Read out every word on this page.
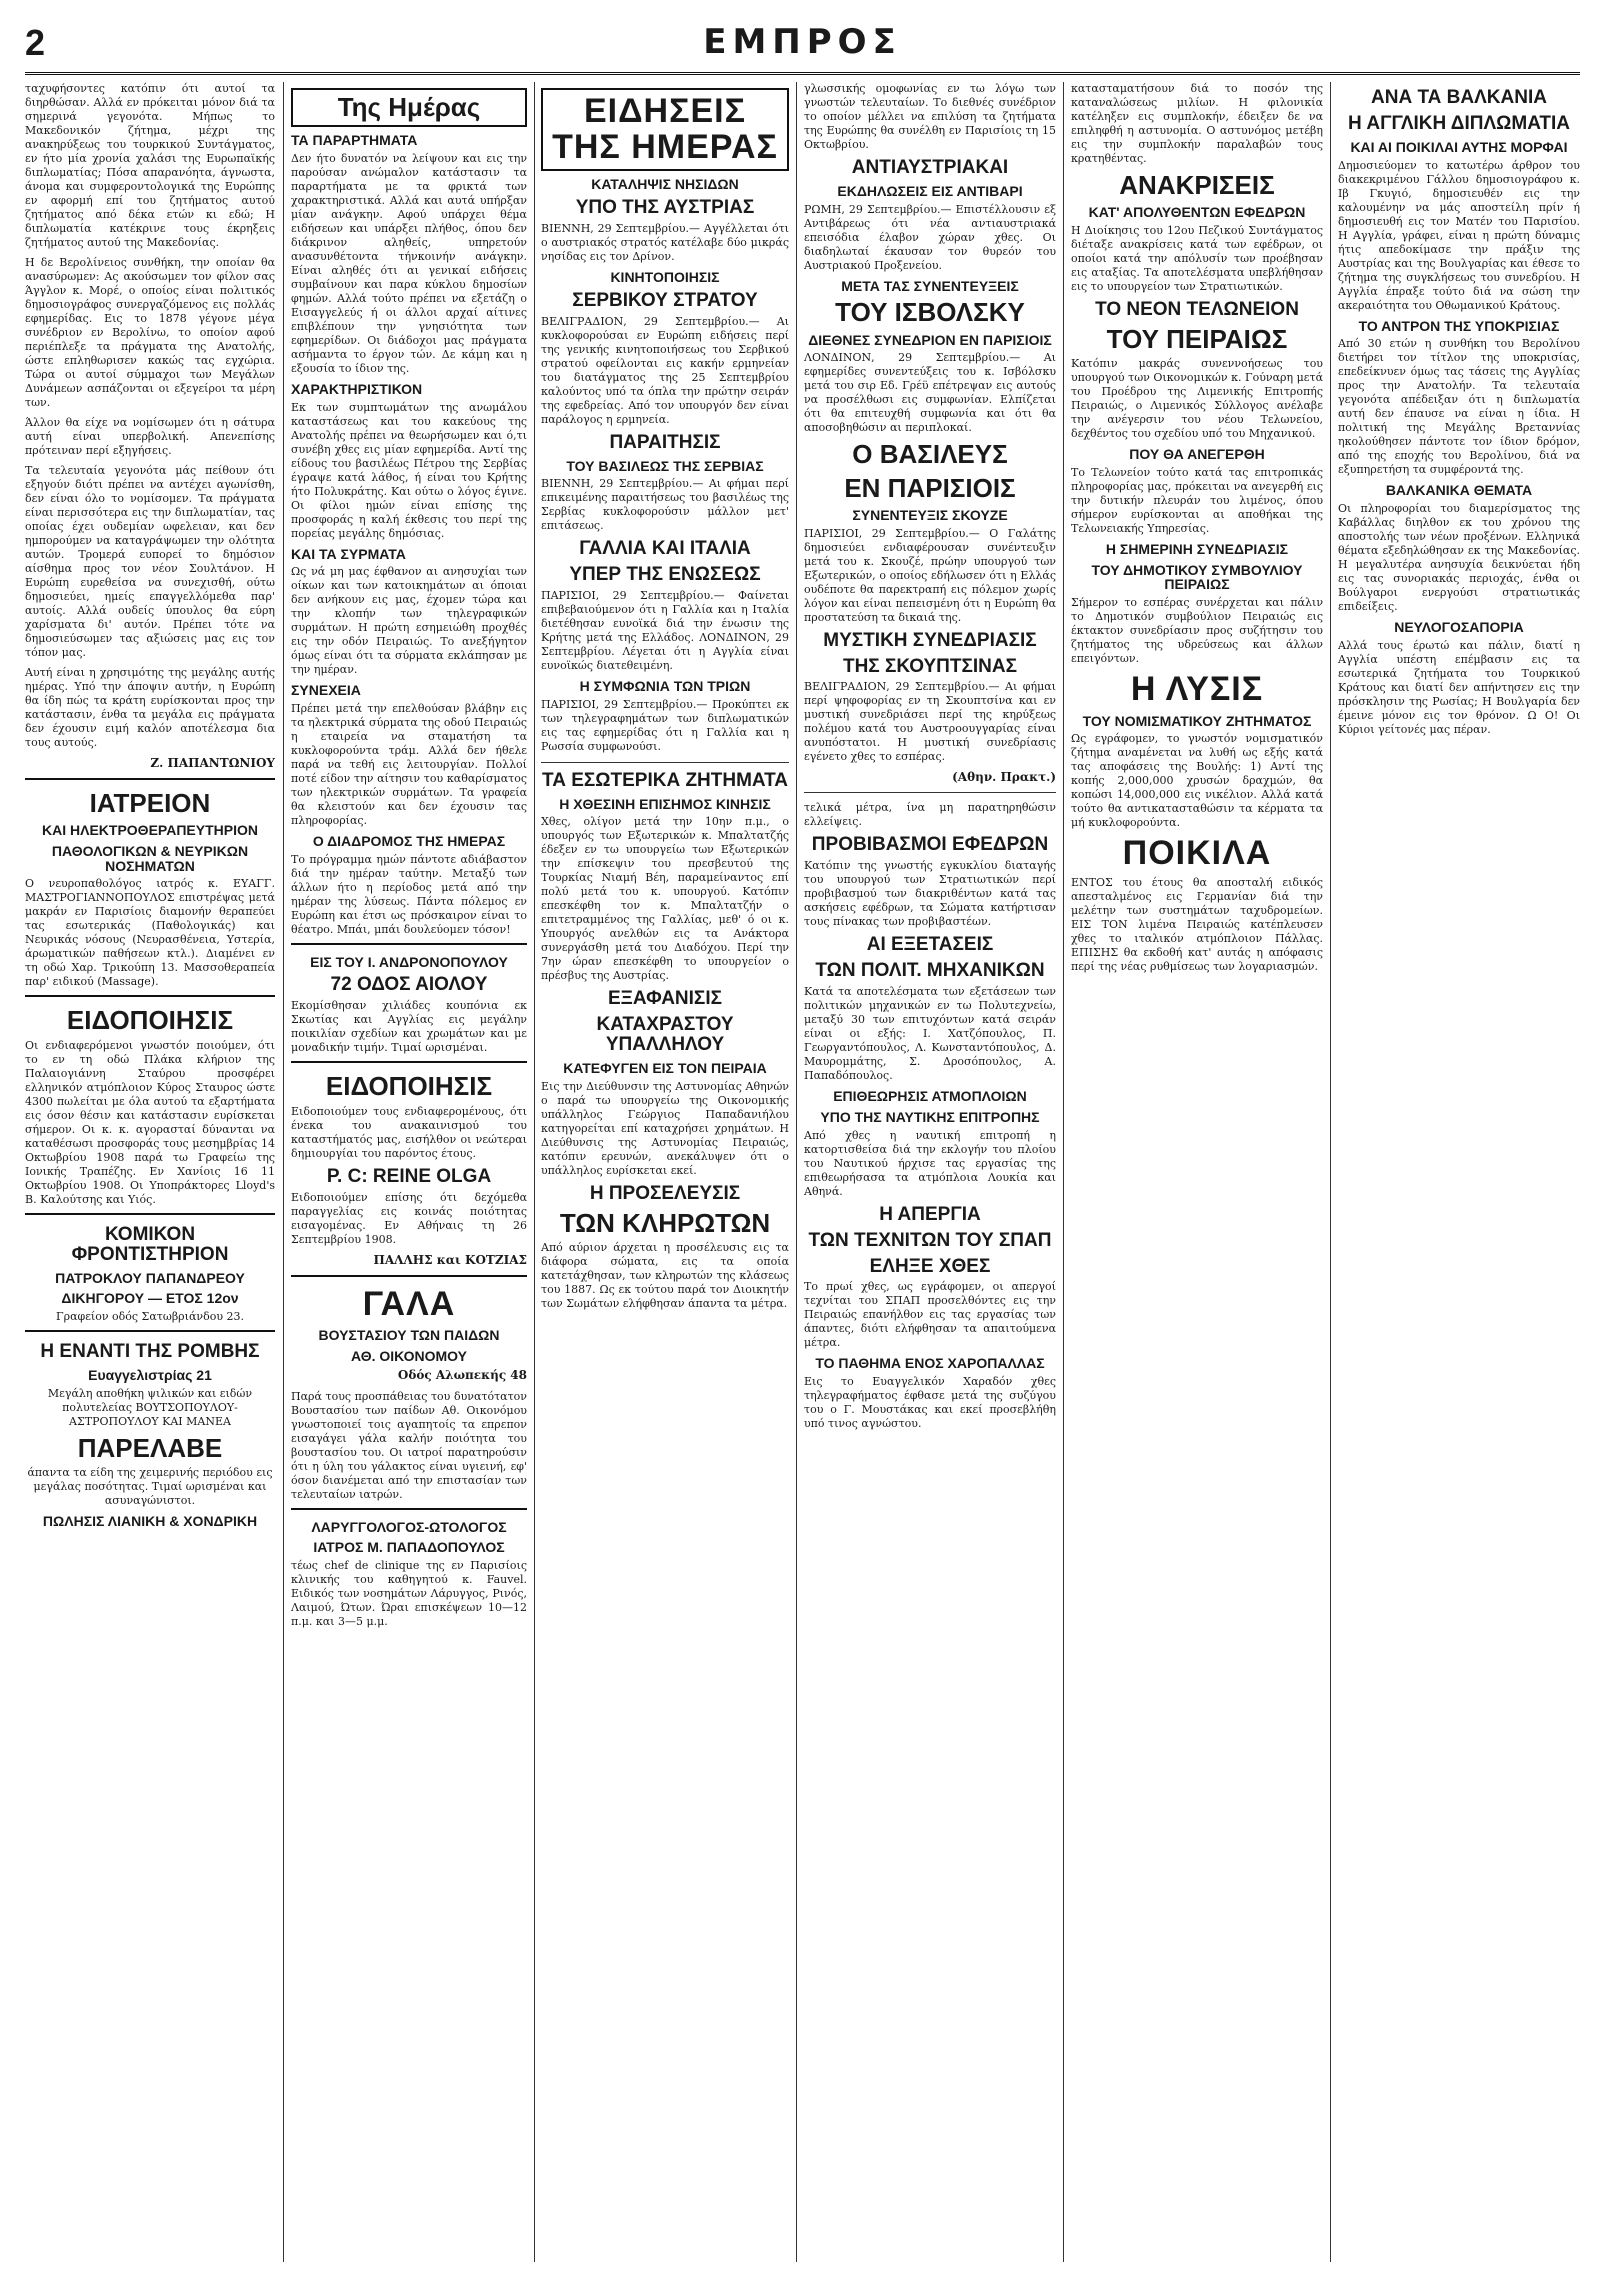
2	ΕΜΠΡΟΣ

ταχυφήσοντες κατόπιν ότι αυτοί τα διηρθώσαν. Αλλά εν πρόκειται μόνον διά τα σημερινά γεγονότα. Μήπως το Μακεδονικόν ζήτημα, μέχρι της ανακηρύξεως του τουρκικού Συντάγματος, εν ήτο μία χρονία χαλάσι της Ευρωπαϊκής διπλωματίας; Πόσα απαρανόητα, άγνωστα, άνομα και συμφεροντολογικά της Ευρώπης εν αφορμή επί του ζητήματος αυτού ζητήματος από δέκα ετών κι εδώ; Η διπλωματία κατέκρινε τους έκρηξεις ζητήματος αυτού της Μακεδονίας.

Η δε Βερολίνειος συνθήκη, την οποίαν θα ανασύρωμεν: Ας ακούσωμεν τον φίλον σας Άγγλον κ. Μορέ, ο οποίος είναι πολιτικός δημοσιογράφος συνεργαζόμενος εις πολλάς εφημερίδας. Εις το 1878 γέγονε μέγα συνέδριον εν Βερολίνω, το οποίον αφού περιέπλεξε τα πράγματα της Ανατολής, ώστε επληθωρισεν κακώς τας εγχώρια. Τώρα οι αυτοί σύμμαχοι των Μεγάλων Δυνάμεων ασπάζονται οι εξεγείροι τα μέρη των.

Άλλον θα είχε να νομίσωμεν ότι η σάτυρα αυτή είναι υπερβολική. Απενεπίσης πρότειναν περί εξηγήσεις.

Τα τελευταία γεγονότα μάς πείθουν ότι εξηγούν διότι πρέπει να αντέχει αγωνίσθη, δεν είναι όλο το νομίσομεν. Τα πράγματα είναι περισσότερα εις την διπλωματίαν, τας οποίας έχει ουδεμίαν ωφελειαν, και δεν ημπορούμεν να καταγράψωμεν την ολότητα αυτών. Τρομερά ευπορεί το δημόσιον αίσθημα προς τον νέον Σουλτάνον. Η Ευρώπη ευρεθείσα να συνεχισθή, ούτω δημοσιεύει, ημείς επαγγελλόμεθα παρ' αυτοίς. Αλλά ουδείς ύπουλος θα εύρη χαρίσματα δι' αυτόν. Πρέπει τότε να δημοσιεύσωμεν τας αξιώσεις μας εις τον τόπον μας.

Αυτή είναι η χρησιμότης της μεγάλης αυτής ημέρας. Υπό την άποψιν αυτήν, η Ευρώπη θα ίδη πώς τα κράτη ευρίσκονται προς την κατάστασιν, ένθα τα μεγάλα εις πράγματα δεν έχουσιν ειμή καλόν αποτέλεσμα δια τους αυτούς.

Ζ. ΠΑΠΑΝΤΩΝΙΟΥ
ΙΑΤΡΕΙΟΝ
ΚΑΙ ΗΛΕΚΤΡΟΘΕΡΑΠΕΥΤΗΡΙΟΝ
ΠΑΘΟΛΟΓΙΚΩΝ & ΝΕΥΡΙΚΩΝ ΝΟΣΗΜΑΤΩΝ

Ο νευροπαθολόγος ιατρός κ. ΕΥΑΓΓ. ΜΑΣΤΡΟΓΙΑΝΝΟΠΟΥΛΟΣ επιστρέψας μετά μακράν εν Παρισίοις διαμονήν θεραπεύει τας εσωτερικάς (Παθολογικάς) και Νευρικάς νόσους (Νευρασθένεια, Υστερία, άρωματικών παθήσεων κτλ.). Διαμένει εν τη οδώ Χαρ. Τρικούπη 13. Μασσοθεραπεία παρ' ειδικού (Massage).

ΕΙΔΟΠΟΙΗΣΙΣ

Οι ενδιαφερόμενοι γνωστόν ποιούμεν, ότι το εν τη οδώ Πλάκα κλήριον της Παλαιογιάννη Σταύρου προσφέρει ελληνικόν ατμόπλοιον Κύρος Σταυρος ώστε 4300 πωλείται με όλα αυτού τα εξαρτήματα εις όσον θέσιν και κατάστασιν ευρίσκεται σήμερον. Οι κ. κ. αγορασταί δύνανται να καταθέσωσι προσφοράς τους μεσημβρίας 14 Οκτωβρίου 1908 παρά τω Γραφείω της Ιονικής Τραπέζης. Εν Χανίοις 16 11 Οκτωβρίου 1908. Οι Υποπράκτορες Lloyd's Β. Καλούτσης και Υιός.

ΚΟΜΙΚΟΝ ΦΡΟΝΤΙΣΤΗΡΙΟΝ
ΠΑΤΡΟΚΛΟΥ ΠΑΠΑΝΔΡΕΟΥ
ΔΙΚΗΓΟΡΟΥ — ΕΤΟΣ 12ον

Γραφείον οδός Σατωβριάνδου 23.

Η ΕΝΑΝΤΙ ΤΗΣ ΡΟΜΒΗΣ
Ευαγγελιστρίας 21

Μεγάλη αποθήκη ψιλικών και ειδών πολυτελείας ΒΟΥΤΣΟΠΟΥΛΟΥ-ΑΣΤΡΟΠΟΥΛΟΥ ΚΑΙ ΜΑΝΕΑ

ΠΑΡΕΛΑΒΕ

άπαντα τα είδη της χειμερινής περιόδου εις μεγάλας ποσότητας. Τιμαί ωρισμέναι και ασυναγώνιστοι.

ΠΩΛΗΣΙΣ ΛΙΑΝΙΚΗ & ΧΟΝΔΡΙΚΗ
Της Ημέρας
ΤΑ ΠΑΡΑΡΤΗΜΑΤΑ

Δεν ήτο δυνατόν να λείψουν και εις την παρούσαν ανώμαλον κατάστασιν τα παραρτήματα με τα φρικτά των χαρακτηριστικά. Αλλά και αυτά υπήρξαν μίαν ανάγκην. Αφού υπάρχει θέμα ειδήσεων και υπάρξει πλήθος, όπου δεν διάκρινον αληθείς, υπηρετούν ανασυνθέτοντα τήνκοινήν ανάγκην. Είναι αληθές ότι αι γενικαί ειδήσεις συμβαίνουν και παρα κύκλου δημοσίων φημών. Αλλά τούτο πρέπει να εξετάζη ο Εισαγγελεύς ή οι άλλοι αρχαί αίτινες επιβλέπουν την γνησιότητα των εφημερίδων. Οι διάδοχοι μας πράγματα ασήμαντα το έργον τών. Δε κάμη και η εξουσία το ίδιον της.

ΧΑΡΑΚΤΗΡΙΣΤΙΚΟΝ

Εκ των συμπτωμάτων της ανωμάλου καταστάσεως και του κακεύους της Ανατολής πρέπει να θεωρήσωμεν και ό,τι συνέβη χθες εις μίαν εφημερίδα. Αντί της είδους του βασιλέως Πέτρου της Σερβίας έγραψε κατά λάθος, ή είναι του Κρήτης ήτο Πολυκράτης. Και ούτω ο λόγος έγινε. Οι φίλοι ημών είναι επίσης της προσφοράς η καλή έκθεσις του περί της πορείας μεγάλης δημόσιας.

ΚΑΙ ΤΑ ΣΥΡΜΑΤΑ

Ως νά μη μας έφθανον αι ανησυχίαι των οίκων και των κατοικημάτων αι όποιαι δεν ανήκουν εις μας, έχομεν τώρα και την κλοπήν των τηλεγραφικών συρμάτων. Η πρώτη εσημειώθη προχθές εις την οδόν Πειραιώς. Το ανεξήγητον όμως είναι ότι τα σύρματα εκλάπησαν με την ημέραν.

ΣΥΝΕΧΕΙΑ

Πρέπει μετά την επελθούσαν βλάβην εις τα ηλεκτρικά σύρματα της οδού Πειραιώς η εταιρεία να σταματήση τα κυκλοφορούντα τράμ. Αλλά δεν ήθελε παρά να τεθή εις λειτουργίαν. Πολλοί ποτέ είδον την αίτησιν του καθαρίσματος των ηλεκτρικών συρμάτων. Τα γραφεία θα κλειστούν και δεν έχουσιν τας πληροφορίας.

Ο ΔΙΑΔΡΟΜΟΣ ΤΗΣ ΗΜΕΡΑΣ

Το πρόγραμμα ημών πάντοτε αδιάβαστον διά την ημέραν ταύτην. Μεταξύ των άλλων ήτο η περίοδος μετά από την ημέραν της λύσεως. Πάντα πόλεμος εν Ευρώπη και έτσι ως πρόσκαιρον είναι το θέατρο. Μπάι, μπάι δουλεύομεν τόσον!

ΕΙΣ ΤΟΥ Ι. ΑΝΔΡΟΝΟΠΟΥΛΟΥ
72 ΟΔΟΣ ΑΙΟΛΟΥ

Εκομίσθησαν χιλιάδες κουπόνια εκ Σκωτίας και Αγγλίας εις μεγάλην ποικιλίαν σχεδίων και χρωμάτων και με μοναδικήν τιμήν. Τιμαί ωρισμέναι.

ΕΙΔΟΠΟΙΗΣΙΣ

Ειδοποιούμεν τους ενδιαφερομένους, ότι ένεκα του ανακαινισμού του καταστήματός μας, εισήλθον οι νεώτεραι δημιουργίαι του παρόντος έτους.

P. C: REINE OLGA

Ειδοποιούμεν επίσης ότι δεχόμεθα παραγγελίας εις κοινάς ποιότητας εισαγομένας. Εν Αθήναις τη 26 Σεπτεμβρίου 1908.

ΠΑΛΛΗΣ και ΚΟΤΖΙΑΣ
ΓΑΛΑ
ΒΟΥΣΤΑΣΙΟΥ ΤΩΝ ΠΑΙΔΩΝ
ΑΘ. ΟΙΚΟΝΟΜΟΥ
Οδός Αλωπεκής 48

Παρά τους προσπάθειας του δυνατότατον Βουστασίου των παίδων Αθ. Οικονόμου γνωστοποιεί τοις αγαπητοίς τα επρεπον εισαγάγει γάλα καλήν ποιότητα του βουστασίου του. Οι ιατροί παρατηρούσιν ότι η ύλη του γάλακτος είναι υγιεινή, εφ' όσον διανέμεται από την επιστασίαν των τελευταίων ιατρών.

ΛΑΡΥΓΓΟΛΟΓΟΣ-ΩΤΟΛΟΓΟΣ
ΙΑΤΡΟΣ Μ. ΠΑΠΑΔΟΠΟΥΛΟΣ

τέως chef de clinique της εν Παρισίοις κλινικής του καθηγητού κ. Fauvel. Ειδικός των νοσημάτων Λάρυγγος, Ρινός, Λαιμού, Ώτων. Ώραι επισκέψεων 10—12 π.μ. και 3—5 μ.μ.

ΕΙΔΗΣΕΙΣ ΤΗΣ ΗΜΕΡΑΣ
ΚΑΤΑΛΗΨΙΣ ΝΗΣΙΔΩΝ
ΥΠΟ ΤΗΣ ΑΥΣΤΡΙΑΣ

ΒΙΕΝΝΗ, 29 Σεπτεμβρίου.— Αγγέλλεται ότι ο αυστριακός στρατός κατέλαβε δύο μικράς νησίδας εις τον Δρίνον.

ΚΙΝΗΤΟΠΟΙΗΣΙΣ
ΣΕΡΒΙΚΟΥ ΣΤΡΑΤΟΥ

ΒΕΛΙΓΡΑΔΙΟΝ, 29 Σεπτεμβρίου.— Αι κυκλοφορούσαι εν Ευρώπη ειδήσεις περί της γενικής κινητοποιήσεως του Σερβικού στρατού οφείλονται εις κακήν ερμηνείαν του διατάγματος της 25 Σεπτεμβρίου καλούντος υπό τα όπλα την πρώτην σειράν της εφεδρείας. Από τον υπουργόν δεν είναι παράλογος η ερμηνεία.

ΠΑΡΑΙΤΗΣΙΣ
ΤΟΥ ΒΑΣΙΛΕΩΣ ΤΗΣ ΣΕΡΒΙΑΣ

ΒΙΕΝΝΗ, 29 Σεπτεμβρίου.— Αι φήμαι περί επικειμένης παραιτήσεως του βασιλέως της Σερβίας κυκλοφορούσιν μάλλον μετ' επιτάσεως.

ΓΑΛΛΙΑ ΚΑΙ ΙΤΑΛΙΑ
ΥΠΕΡ ΤΗΣ ΕΝΩΣΕΩΣ

ΠΑΡΙΣΙΟΙ, 29 Σεπτεμβρίου.— Φαίνεται επιβεβαιούμενον ότι η Γαλλία και η Ιταλία διετέθησαν ευνοϊκά διά την ένωσιν της Κρήτης μετά της Ελλάδος. ΛΟΝΔΙΝΟΝ, 29 Σεπτεμβρίου. Λέγεται ότι η Αγγλία είναι ευνοϊκώς διατεθειμένη.

Η ΣΥΜΦΩΝΙΑ ΤΩΝ ΤΡΙΩΝ

ΠΑΡΙΣΙΟΙ, 29 Σεπτεμβρίου.— Προκύπτει εκ των τηλεγραφημάτων των διπλωματικών εις τας εφημερίδας ότι η Γαλλία και η Ρωσσία συμφωνούσι.

ΤΑ ΕΣΩΤΕΡΙΚΑ ΖΗΤΗΜΑΤΑ
Η ΧΘΕΣΙΝΗ ΕΠΙΣΗΜΟΣ ΚΙΝΗΣΙΣ

Χθες, ολίγον μετά την 10ην π.μ., ο υπουργός των Εξωτερικών κ. Μπαλτατζής έδεξεν εν τω υπουργείω των Εξωτερικών την επίσκεψιν του πρεσβευτού της Τουρκίας Νιαμή Βέη, παραμείναντος επί πολύ μετά του κ. υπουργού. Κατόπιν επεσκέφθη τον κ. Μπαλτατζήν ο επιτετραμμένος της Γαλλίας, μεθ' ό οι κ. Υπουργός ανελθών εις τα Ανάκτορα συνεργάσθη μετά του Διαδόχου. Περί την 7ην ώραν επεσκέφθη το υπουργείον ο πρέσβυς της Αυστρίας.

ΕΞΑΦΑΝΙΣΙΣ
ΚΑΤΑΧΡΑΣΤΟΥ ΥΠΑΛΛΗΛΟΥ
ΚΑΤΕΦΥΓΕΝ ΕΙΣ ΤΟΝ ΠΕΙΡΑΙΑ

Εις την Διεύθυνσιν της Αστυνομίας Αθηνών ο παρά τω υπουργείω της Οικονομικής υπάλληλος Γεώργιος Παπαδανιήλου κατηγορείται επί καταχρήσει χρημάτων. Η Διεύθυνσις της Αστυνομίας Πειραιώς, κατόπιν ερευνών, ανεκάλυψεν ότι ο υπάλληλος ευρίσκεται εκεί.

Η ΠΡΟΣΕΛΕΥΣΙΣ
ΤΩΝ ΚΛΗΡΩΤΩΝ

Από αύριον άρχεται η προσέλευσις εις τα διάφορα σώματα, εις τα οποία κατετάχθησαν, των κληρωτών της κλάσεως του 1887. Ως εκ τούτου παρά τον Διοικητήν των Σωμάτων ελήφθησαν άπαντα τα μέτρα.

γλωσσικής ομοφωνίας εν τω λόγω των γνωστών τελευταίων. Το διεθνές συνέδριον το οποίον μέλλει να επιλύση τα ζητήματα της Ευρώπης θα συνέλθη εν Παρισίοις τη 15 Οκτωβρίου.

ΑΝΤΙΑΥΣΤΡΙΑΚΑΙ
ΕΚΔΗΛΩΣΕΙΣ ΕΙΣ ΑΝΤΙΒΑΡΙ

ΡΩΜΗ, 29 Σεπτεμβρίου.— Επιστέλλουσιν εξ Αντιβάρεως ότι νέα αντιαυστριακά επεισόδια έλαβον χώραν χθες. Οι διαδηλωταί έκαυσαν τον θυρεόν του Αυστριακού Προξενείου.

ΜΕΤΑ ΤΑΣ ΣΥΝΕΝΤΕΥΞΕΙΣ
ΤΟΥ ΙΣΒΟΛΣΚΥ
ΔΙΕΘΝΕΣ ΣΥΝΕΔΡΙΟΝ ΕΝ ΠΑΡΙΣΙΟΙΣ

ΛΟΝΔΙΝΟΝ, 29 Σεπτεμβρίου.— Αι εφημερίδες συνεντεύξεις του κ. Ισβόλσκυ μετά του σιρ Εδ. Γρέϋ επέτρεψαν εις αυτούς να προσέλθωσι εις συμφωνίαν. Ελπίζεται ότι θα επιτευχθή συμφωνία και ότι θα αποσοβηθώσιν αι περιπλοκαί.

Ο ΒΑΣΙΛΕΥΣ
ΕΝ ΠΑΡΙΣΙΟΙΣ
ΣΥΝΕΝΤΕΥΞΙΣ ΣΚΟΥΖΕ

ΠΑΡΙΣΙΟΙ, 29 Σεπτεμβρίου.— Ο Γαλάτης δημοσιεύει ενδιαφέρουσαν συνέντευξιν μετά του κ. Σκουζέ, πρώην υπουργού των Εξωτερικών, ο οποίος εδήλωσεν ότι η Ελλάς ουδέποτε θα παρεκτραπή εις πόλεμον χωρίς λόγον και είναι πεπεισμένη ότι η Ευρώπη θα προστατεύση τα δικαιά της.

ΜΥΣΤΙΚΗ ΣΥΝΕΔΡΙΑΣΙΣ
ΤΗΣ ΣΚΟΥΠΤΣΙΝΑΣ

ΒΕΛΙΓΡΑΔΙΟΝ, 29 Σεπτεμβρίου.— Αι φήμαι περί ψηφοφορίας εν τη Σκουπτσίνα και εν μυστική συνεδριάσει περί της κηρύξεως πολέμου κατά του Αυστροουγγαρίας είναι ανυπόστατοι. Η μυστική συνεδρίασις εγένετο χθες το εσπέρας.

(Αθην. Πρακτ.)

τελικά μέτρα, ίνα μη παρατηρηθώσιν ελλείψεις.

ΠΡΟΒΙΒΑΣΜΟΙ ΕΦΕΔΡΩΝ

Κατόπιν της γνωστής εγκυκλίου διαταγής του υπουργού των Στρατιωτικών περί προβιβασμού των διακριθέντων κατά τας ασκήσεις εφέδρων, τα Σώματα κατήρτισαν τους πίνακας των προβιβαστέων.

ΑΙ ΕΞΕΤΑΣΕΙΣ
ΤΩΝ ΠΟΛΙΤ. ΜΗΧΑΝΙΚΩΝ

Κατά τα αποτελέσματα των εξετάσεων των πολιτικών μηχανικών εν τω Πολυτεχνείω, μεταξύ 30 των επιτυχόντων κατά σειράν είναι οι εξής: Ι. Χατζόπουλος, Π. Γεωργαντόπουλος, Λ. Κωνσταντόπουλος, Δ. Μαυρομμάτης, Σ. Δροσόπουλος, Α. Παπαδόπουλος.

ΕΠΙΘΕΩΡΗΣΙΣ ΑΤΜΟΠΛΟΙΩΝ
ΥΠΟ ΤΗΣ ΝΑΥΤΙΚΗΣ ΕΠΙΤΡΟΠΗΣ

Από χθες η ναυτική επιτροπή η κατορτισθείσα διά την εκλογήν του πλοίου του Ναυτικού ήρχισε τας εργασίας της επιθεωρήσασα τα ατμόπλοια Λουκία και Αθηνά.

Η ΑΠΕΡΓΙΑ
ΤΩΝ ΤΕΧΝΙΤΩΝ ΤΟΥ ΣΠΑΠ
ΕΛΗΞΕ ΧΘΕΣ

Το πρωί χθες, ως εγράφομεν, οι απεργοί τεχνίται του ΣΠΑΠ προσελθόντες εις την Πειραιώς επανήλθον εις τας εργασίας των άπαντες, διότι ελήφθησαν τα απαιτούμενα μέτρα.

ΤΟ ΠΑΘΗΜΑ ΕΝΟΣ ΧΑΡΟΠΑΛΛΑΣ

Εις το Ευαγγελικόν Χαραδόν χθες τηλεγραφήματος έφθασε μετά της συζύγου του ο Γ. Μουστάκας και εκεί προσεβλήθη υπό τινος αγνώστου.

κατασταματήσουν διά το ποσόν της καταναλώσεως μιλίων. Η φιλονικία κατέληξεν εις συμπλοκήν, έδειξεν δε να επιληφθή η αστυνομία. Ο αστυνόμος μετέβη εις την συμπλοκήν παραλαβών τους κρατηθέντας.

ΑΝΑΚΡΙΣΕΙΣ
ΚΑΤ' ΑΠΟΛΥΘΕΝΤΩΝ ΕΦΕΔΡΩΝ

Η Διοίκησις του 12ου Πεζικού Συντάγματος διέταξε ανακρίσεις κατά των εφέδρων, οι οποίοι κατά την απόλυσίν των προέβησαν εις αταξίας. Τα αποτελέσματα υπεβλήθησαν εις το υπουργείον των Στρατιωτικών.

ΤΟ ΝΕΟΝ ΤΕΛΩΝΕΙΟΝ
ΤΟΥ ΠΕΙΡΑΙΩΣ

Κατόπιν μακράς συνεννοήσεως του υπουργού των Οικονομικών κ. Γούναρη μετά του Προέδρου της Λιμενικής Επιτροπής Πειραιώς, ο Λιμενικός Σύλλογος ανέλαβε την ανέγερσιν του νέου Τελωνείου, δεχθέντος του σχεδίου υπό του Μηχανικού.

ΠΟΥ ΘΑ ΑΝΕΓΕΡΘΗ

Το Τελωνείον τούτο κατά τας επιτροπικάς πληροφορίας μας, πρόκειται να ανεγερθή εις την δυτικήν πλευράν του λιμένος, όπου σήμερον ευρίσκονται αι αποθήκαι της Τελωνειακής Υπηρεσίας.

Η ΣΗΜΕΡΙΝΗ ΣΥΝΕΔΡΙΑΣΙΣ
ΤΟΥ ΔΗΜΟΤΙΚΟΥ ΣΥΜΒΟΥΛΙΟΥ ΠΕΙΡΑΙΩΣ

Σήμερον το εσπέρας συνέρχεται και πάλιν το Δημοτικόν συμβούλιον Πειραιώς εις έκτακτον συνεδρίασιν προς συζήτησιν του ζητήματος της υδρεύσεως και άλλων επειγόντων.

Η ΛΥΣΙΣ
ΤΟΥ ΝΟΜΙΣΜΑΤΙΚΟΥ ΖΗΤΗΜΑΤΟΣ

Ως εγράφομεν, το γνωστόν νομισματικόν ζήτημα αναμένεται να λυθή ως εξής κατά τας αποφάσεις της Βουλής: 1) Αντί της κοπής 2,000,000 χρυσών δραχμών, θα κοπώσι 14,000,000 εις νικέλιον. Αλλά κατά τούτο θα αντικατασταθώσιν τα κέρματα τα μή κυκλοφορούντα.

ΠΟΙΚΙΛΑ

ΕΝΤΟΣ του έτους θα αποσταλή ειδικός απεσταλμένος εις Γερμανίαν διά την μελέτην των συστημάτων ταχυδρομείων. ΕΙΣ ΤΟΝ λιμένα Πειραιώς κατέπλευσεν χθες το ιταλικόν ατμόπλοιον Πάλλας. ΕΠΙΣΗΣ θα εκδοθή κατ' αυτάς η απόφασις περί της νέας ρυθμίσεως των λογαριασμών.

ΑΝΑ ΤΑ ΒΑΛΚΑΝΙΑ
Η ΑΓΓΛΙΚΗ ΔΙΠΛΩΜΑΤΙΑ
ΚΑΙ ΑΙ ΠΟΙΚΙΛΑΙ ΑΥΤΗΣ ΜΟΡΦΑΙ

Δημοσιεύομεν το κατωτέρω άρθρον του διακεκριμένου Γάλλου δημοσιογράφου κ. Ιβ Γκυγιό, δημοσιευθέν εις την καλουμένην να μάς αποστείλη πρίν ή δημοσιευθή εις τον Ματέν του Παρισίου. Η Αγγλία, γράφει, είναι η πρώτη δύναμις ήτις απεδοκίμασε την πράξιν της Αυστρίας και της Βουλγαρίας και έθεσε το ζήτημα της συγκλήσεως του συνεδρίου. Η Αγγλία έπραξε τούτο διά να σώση την ακεραιότητα του Οθωμανικού Κράτους.

ΤΟ ΑΝΤΡΟΝ ΤΗΣ ΥΠΟΚΡΙΣΙΑΣ

Από 30 ετών η συνθήκη του Βερολίνου διετήρει τον τίτλον της υποκρισίας, επεδείκνυεν όμως τας τάσεις της Αγγλίας προς την Ανατολήν. Τα τελευταία γεγονότα απέδειξαν ότι η διπλωματία αυτή δεν έπαυσε να είναι η ίδια. Η πολιτική της Μεγάλης Βρεταννίας ηκολούθησεν πάντοτε τον ίδιον δρόμον, από της εποχής του Βερολίνου, διά να εξυπηρετήση τα συμφέροντά της.

ΒΑΛΚΑΝΙΚΑ ΘΕΜΑΤΑ

Οι πληροφορίαι του διαμερίσματος της Καβάλλας διηλθον εκ του χρόνου της αποστολής των νέων προξένων. Ελληνικά θέματα εξεδηλώθησαν εκ της Μακεδονίας. Η μεγαλυτέρα ανησυχία δεικνύεται ήδη εις τας συνοριακάς περιοχάς, ένθα οι Βούλγαροι ενεργούσι στρατιωτικάς επιδείξεις.

ΝΕΥΛΟΓΟΣΑΠΟΡΙΑ

Αλλά τους έρωτώ και πάλιν, διατί η Αγγλία υπέστη επέμβασιν εις τα εσωτερικά ζητήματα του Τουρκικού Κράτους και διατί δεν απήντησεν εις την πρόσκλησιν της Ρωσίας; Η Βουλγαρία δεν έμεινε μόνον εις τον θρόνον. Ω Ο! Οι Κύριοι γείτονές μας πέραν.
